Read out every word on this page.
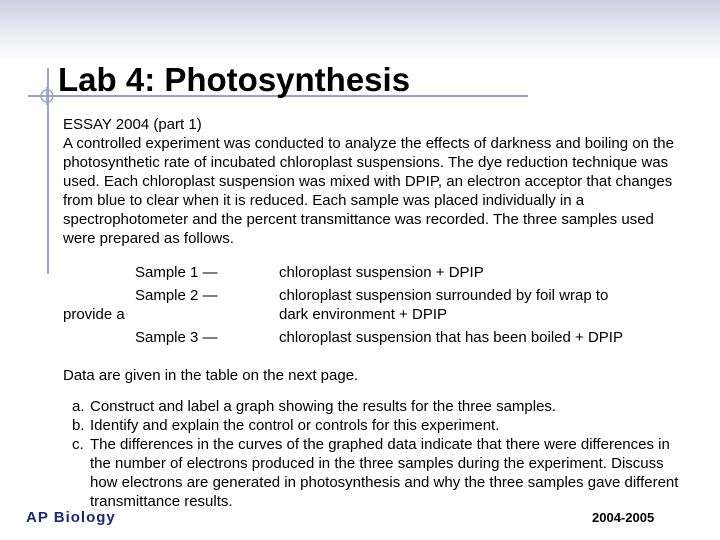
Lab 4: Photosynthesis

ESSAY 2004 (part 1)

A controlled experiment was conducted to analyze the effects of darkness and boiling on the photosynthetic rate of incubated chloroplast suspensions. The dye reduction technique was used. Each chloroplast suspension was mixed with DPIP, an electron acceptor that changes from blue to clear when it is reduced. Each sample was placed individually in a spectrophotometer and the percent transmittance was recorded. The three samples used were prepared as follows.

Sample 1 —	chloroplast suspension + DPIP
Sample 2 —	chloroplast suspension surrounded by foil wrap to
provide a	dark environment + DPIP
Sample 3 —	chloroplast suspension that has been boiled + DPIP
Data are given in the table on the next page.
a. Construct and label a graph showing the results for the three samples.
b. Identify and explain the control or controls for this experiment.
c. The differences in the curves of the graphed data indicate that there were differences in the number of electrons produced in the three samples during the experiment. Discuss how electrons are generated in photosynthesis and why the three samples gave different transmittance results.
AP Biology	2004-2005
